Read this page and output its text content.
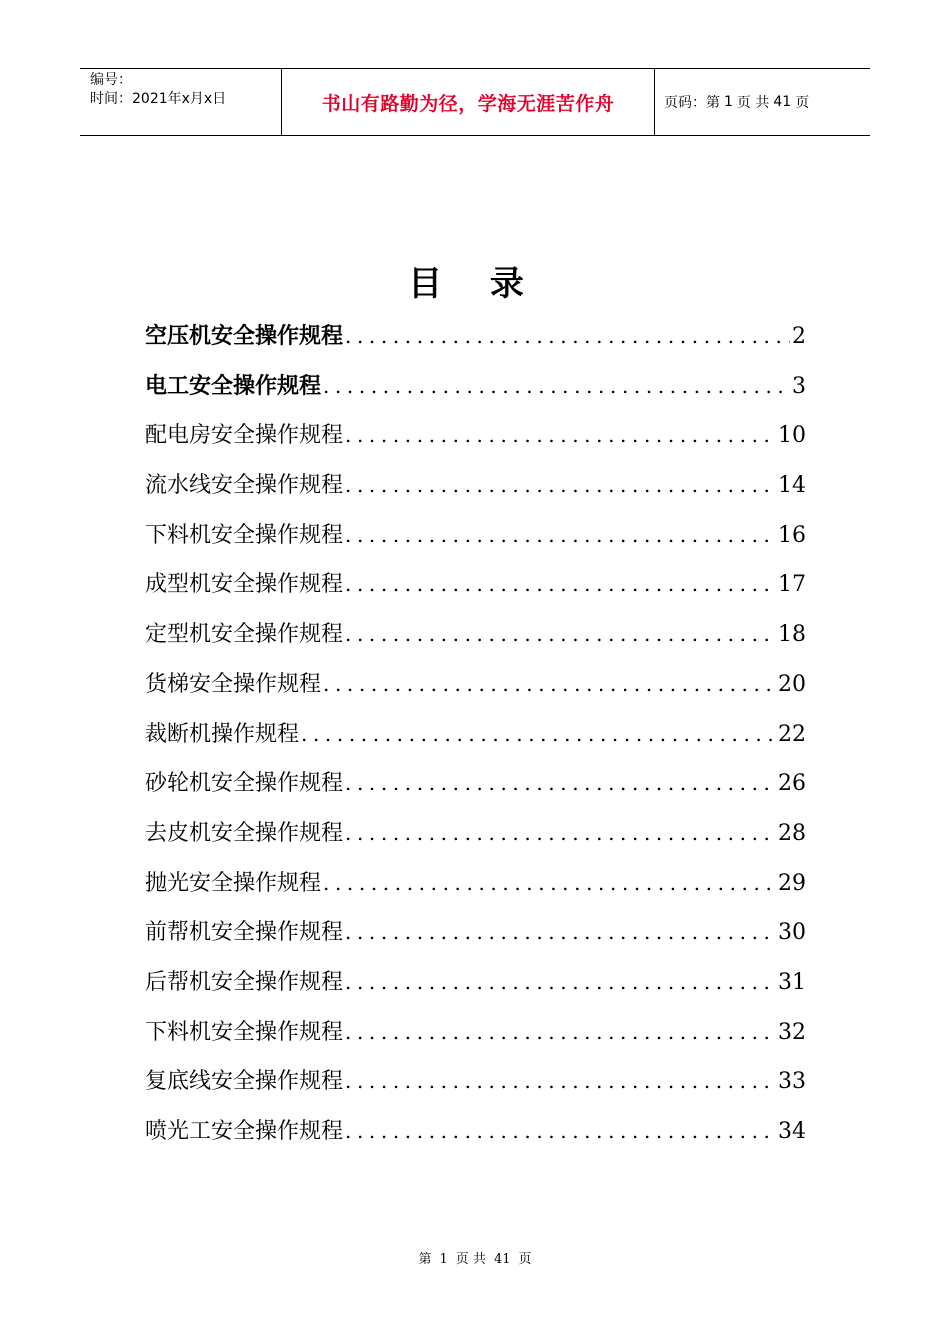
编号：
时间：2021年x月x日	书山有路勤为径，学海无涯苦作舟	页码：第 1 页 共 41 页
目 录
空压机安全操作规程 .....	2
电工安全操作规程 .....	3
配电房安全操作规程 .....	10
流水线安全操作规程 .....	14
下料机安全操作规程 .....	16
成型机安全操作规程 .....	17
定型机安全操作规程 .....	18
货梯安全操作规程 .....	20
裁断机操作规程 .....	22
砂轮机安全操作规程 .....	26
去皮机安全操作规程 .....	28
抛光安全操作规程 .....	29
前帮机安全操作规程 .....	30
后帮机安全操作规程 .....	31
下料机安全操作规程 .....	32
复底线安全操作规程 .....	33
喷光工安全操作规程 .....	34
第 1 页 共 41 页
